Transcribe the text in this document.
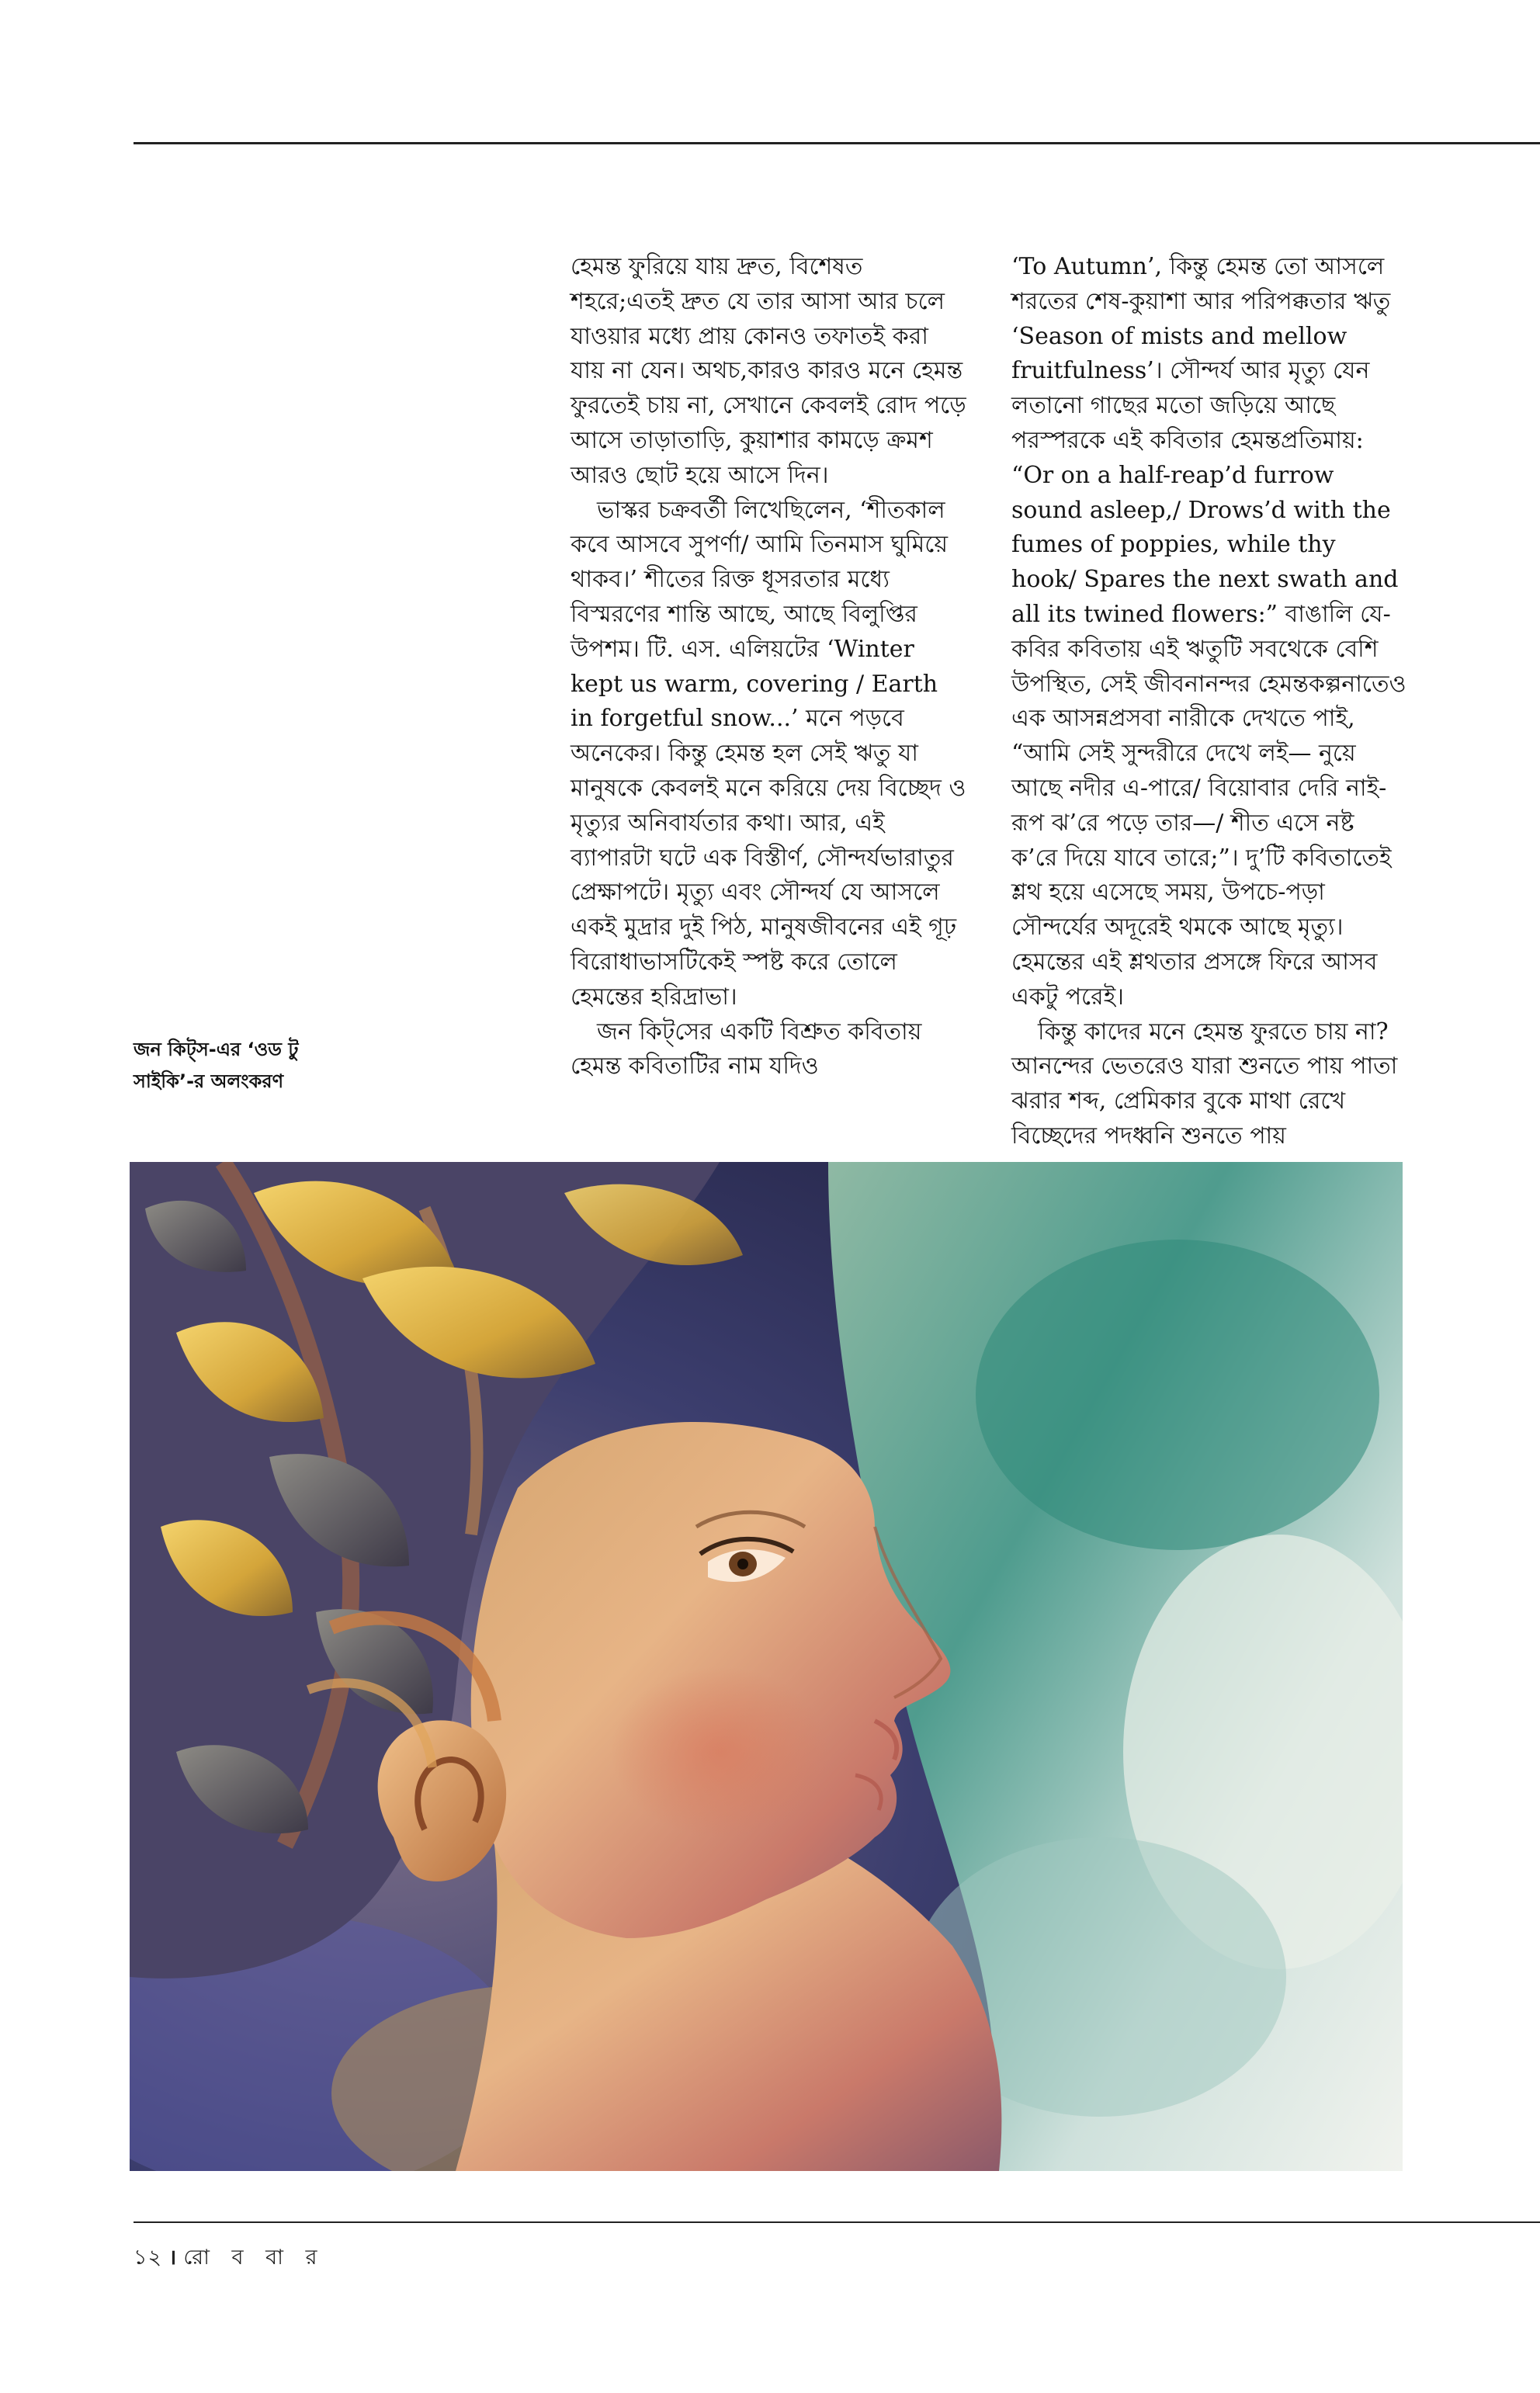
হেমন্ত ফুরিয়ে যায় দ্রুত, বিশেষত শহরে;এতই দ্রুত যে তার আসা আর চলে যাওয়ার মধ্যে প্রায় কোনও তফাতই করা যায় না যেন। অথচ,কারও কারও মনে হেমন্ত ফুরতেই চায় না, সেখানে কেবলই রোদ পড়ে আসে তাড়াতাড়ি, কুয়াশার কামড়ে ক্রমশ আরও ছোট হয়ে আসে দিন।

ভাস্কর চক্রবর্তী লিখেছিলেন, ‘শীতকাল কবে আসবে সুপর্ণা/ আমি তিনমাস ঘুমিয়ে থাকব।’ শীতের রিক্ত ধূসরতার মধ্যে বিস্মরণের শান্তি আছে, আছে বিলুপ্তির উপশম। টি. এস. এলিয়টের ‘Winter kept us warm, covering / Earth in forgetful snow...’ মনে পড়বে অনেকের। কিন্তু হেমন্ত হল সেই ঋতু যা মানুষকে কেবলই মনে করিয়ে দেয় বিচ্ছেদ ও মৃত্যুর অনিবার্যতার কথা। আর, এই ব্যাপারটা ঘটে এক বিস্তীর্ণ, সৌন্দর্যভারাতুর প্রেক্ষাপটে। মৃত্যু এবং সৌন্দর্য যে আসলে একই মুদ্রার দুই পিঠ, মানুষজীবনের এই গূঢ় বিরোধাভাসটিকেই স্পষ্ট করে তোলে হেমন্তের হরিদ্রাভা।

জন কিট্‌সের একটি বিশ্রুত কবিতায় হেমন্ত কবিতাটির নাম যদিও

‘To Autumn’, কিন্তু হেমন্ত তো আসলে শরতের শেষ-কুয়াশা আর পরিপক্কতার ঋতু ‘Season of mists and mellow fruitfulness’। সৌন্দর্য আর মৃত্যু যেন লতানো গাছের মতো জড়িয়ে আছে পরস্পরকে এই কবিতার হেমন্তপ্রতিমায়: “Or on a half-reap’d furrow sound asleep,/ Drows’d with the fumes of poppies, while thy hook/ Spares the next swath and all its twined flowers:” বাঙালি যে-কবির কবিতায় এই ঋতুটি সবথেকে বেশি উপস্থিত, সেই জীবনানন্দর হেমন্তকল্পনাতেও এক আসন্নপ্রসবা নারীকে দেখতে পাই, “আমি সেই সুন্দরীরে দেখে লই— নুয়ে আছে নদীর এ-পারে/ বিয়োবার দেরি নাই-রূপ ঝ’রে পড়ে তার—/ শীত এসে নষ্ট ক’রে দিয়ে যাবে তারে;”। দু’টি কবিতাতেই শ্লথ হয়ে এসেছে সময়, উপচে-পড়া সৌন্দর্যের অদূরেই থমকে আছে মৃত্যু। হেমন্তের এই শ্লথতার প্রসঙ্গে ফিরে আসব একটু পরেই।

কিন্তু কাদের মনে হেমন্ত ফুরতে চায় না? আনন্দের ভেতরেও যারা শুনতে পায় পাতা ঝরার শব্দ, প্রেমিকার বুকে মাথা রেখে বিচ্ছেদের পদধ্বনি শুনতে পায়

জন কিট্‌স-এর ‘ওড টু সাইকি’-র অলংকরণ
১২ । রো ব বা র
